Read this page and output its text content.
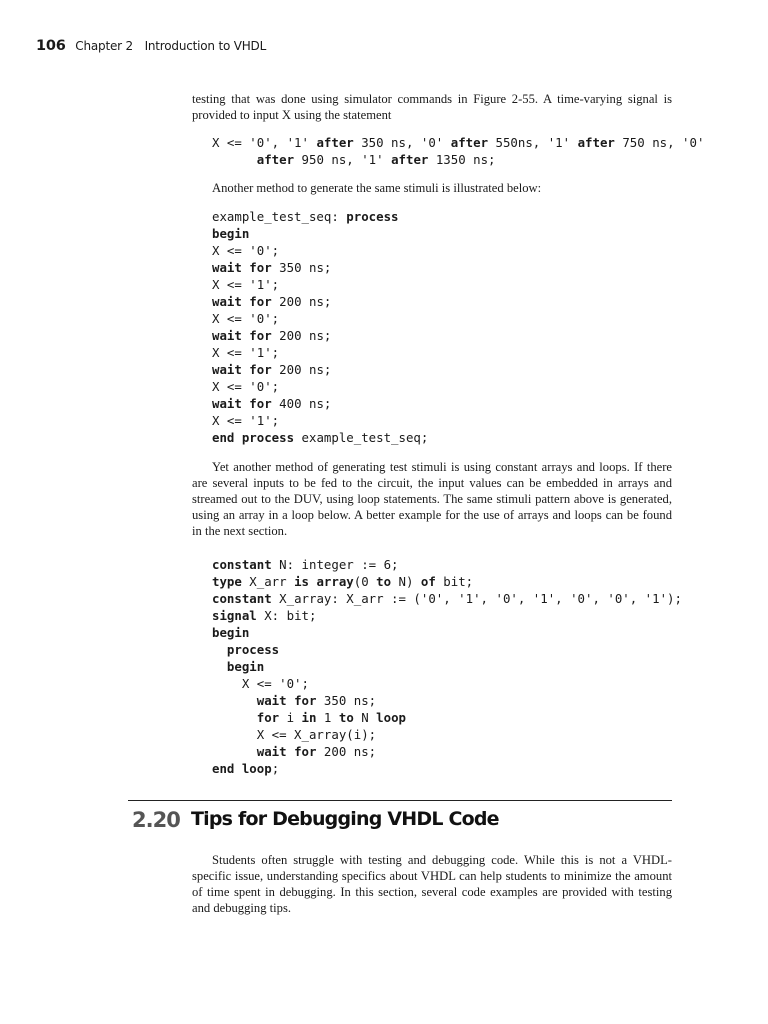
106 Chapter 2 Introduction to VHDL

testing that was done using simulator commands in Figure 2-55. A time-varying signal is provided to input X using the statement

X <= '0', '1' after 350 ns, '0' after 550ns, '1' after 750 ns, '0'
after 950 ns, '1' after 1350 ns;

Another method to generate the same stimuli is illustrated below:

example_test_seq: process
begin
X <= '0';
wait for 350 ns;
X <= '1';
wait for 200 ns;
X <= '0';
wait for 200 ns;
X <= '1';
wait for 200 ns;
X <= '0';
wait for 400 ns;
X <= '1';
end process example_test_seq;

Yet another method of generating test stimuli is using constant arrays and loops. If there are several inputs to be fed to the circuit, the input values can be embedded in arrays and streamed out to the DUV, using loop statements. The same stimuli pattern above is generated, using an array in a loop below. A better example for the use of arrays and loops can be found in the next section.

constant N: integer := 6;
type X_arr is array(0 to N) of bit;
constant X_array: X_arr := ('0', '1', '0', '1', '0', '0', '1');
signal X: bit;
begin
process
begin
X <= '0';
wait for 350 ns;
for i in 1 to N loop
X <= X_array(i);
wait for 200 ns;
end loop;
2.20 Tips for Debugging VHDL Code

Students often struggle with testing and debugging code. While this is not a VHDL-specific issue, understanding specifics about VHDL can help students to minimize the amount of time spent in debugging. In this section, several code examples are provided with testing and debugging tips.
